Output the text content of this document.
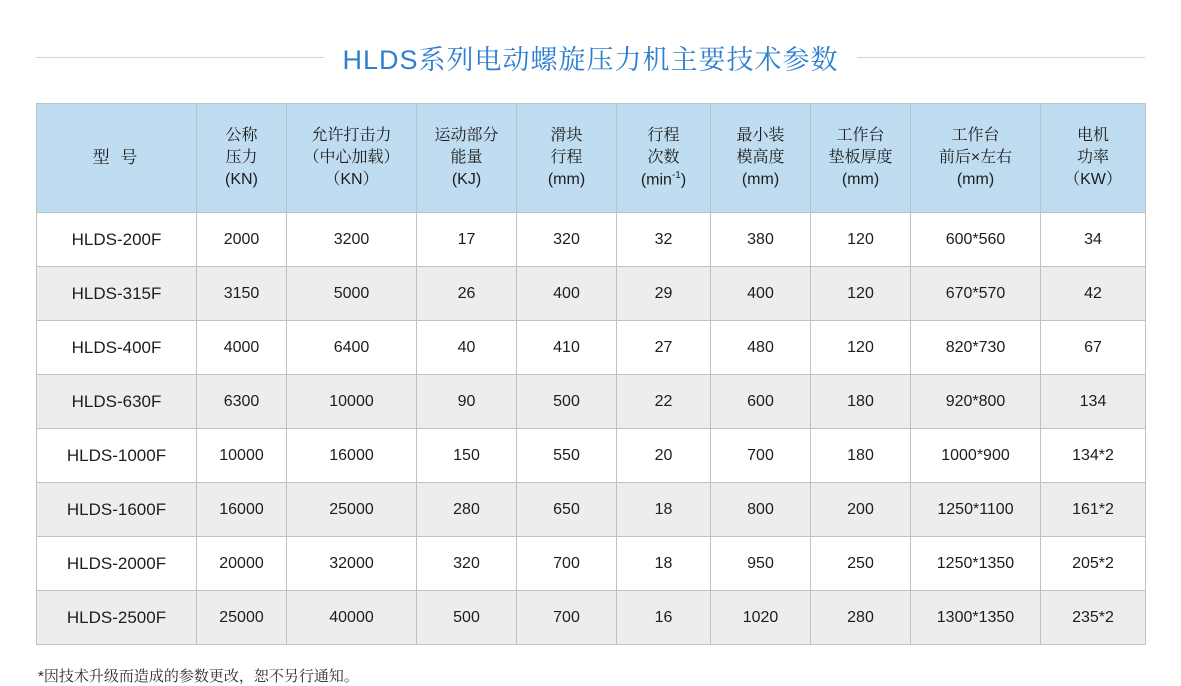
HLDS系列电动螺旋压力机主要技术参数
型 号

公称
压力
(KN)

允许打击力
（中心加载）
（KN）

运动部分
能量
(KJ)

滑块
行程
(mm)

行程
次数
$(\min^{-1})$

最小装
模高度
(mm)

工作台
垫板厚度
(mm)

工作台
前后×左右
(mm)

电机
功率
（KW）

HLDS-200F	2000	3200	17	320	32	380	120	600*560	34
HLDS-315F	3150	5000	26	400	29	400	120	670*570	42
HLDS-400F	4000	6400	40	410	27	480	120	820*730	67
HLDS-630F	6300	10000	90	500	22	600	180	920*800	134
HLDS-1000F	10000	16000	150	550	20	700	180	1000*900	134*2
HLDS-1600F	16000	25000	280	650	18	800	200	1250*1100	161*2
HLDS-2000F	20000	32000	320	700	18	950	250	1250*1350	205*2
HLDS-2500F	25000	40000	500	700	16	1020	280	1300*1350	235*2
*因技术升级而造成的参数更改，恕不另行通知。
